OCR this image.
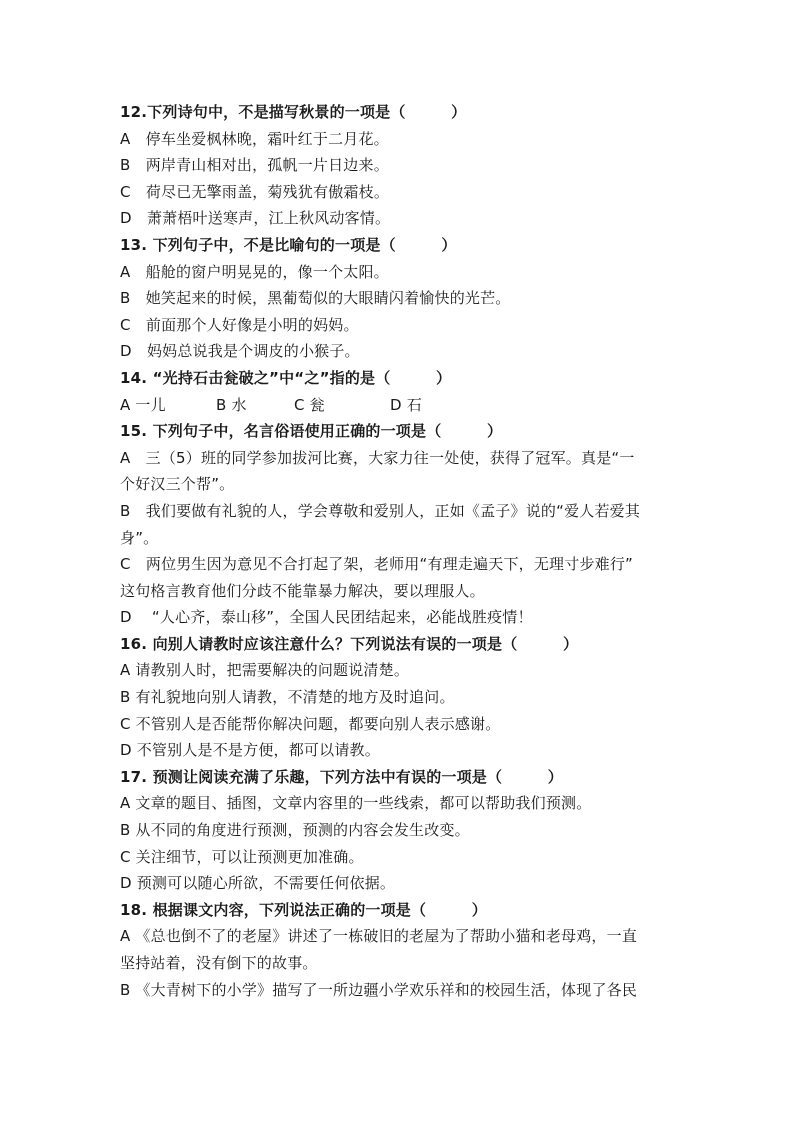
12.下列诗句中，不是描写秋景的一项是（　　　）
A　停车坐爱枫林晚，霜叶红于二月花。
B　两岸青山相对出，孤帆一片日边来。
C　荷尽已无擎雨盖，菊残犹有傲霜枝。
D　萧萧梧叶送寒声，江上秋风动客情。
13. 下列句子中，不是比喻句的一项是（　　　）
A　船舱的窗户明晃晃的，像一个太阳。
B　她笑起来的时候，黑葡萄似的大眼睛闪着愉快的光芒。
C　前面那个人好像是小明的妈妈。
D　妈妈总说我是个调皮的小猴子。
14. “光持石击瓮破之”中“之”指的是（　　　）
A 一儿	B 水	C 瓮	D 石
15. 下列句子中，名言俗语使用正确的一项是（　　　）
A　三（5）班的同学参加拔河比赛，大家力往一处使，获得了冠军。真是“一
个好汉三个帮”。
B　我们要做有礼貌的人，学会尊敬和爱别人，正如《孟子》说的“爱人若爱其
身”。
C　两位男生因为意见不合打起了架，老师用“有理走遍天下，无理寸步难行”
这句格言教育他们分歧不能靠暴力解决，要以理服人。
D　 “人心齐，泰山移”，全国人民团结起来，必能战胜疫情！
16. 向别人请教时应该注意什么？下列说法有误的一项是（　　　）
A 请教别人时，把需要解决的问题说清楚。
B 有礼貌地向别人请教，不清楚的地方及时追问。
C 不管别人是否能帮你解决问题，都要向别人表示感谢。
D 不管别人是不是方便，都可以请教。
17. 预测让阅读充满了乐趣，下列方法中有误的一项是（　　　）
A 文章的题目、插图，文章内容里的一些线索，都可以帮助我们预测。
B 从不同的角度进行预测，预测的内容会发生改变。
C 关注细节，可以让预测更加准确。
D 预测可以随心所欲，不需要任何依据。
18. 根据课文内容，下列说法正确的一项是（　　　）
A 《总也倒不了的老屋》讲述了一栋破旧的老屋为了帮助小猫和老母鸡，一直
坚持站着，没有倒下的故事。
B 《大青树下的小学》描写了一所边疆小学欢乐祥和的校园生活，体现了各民
